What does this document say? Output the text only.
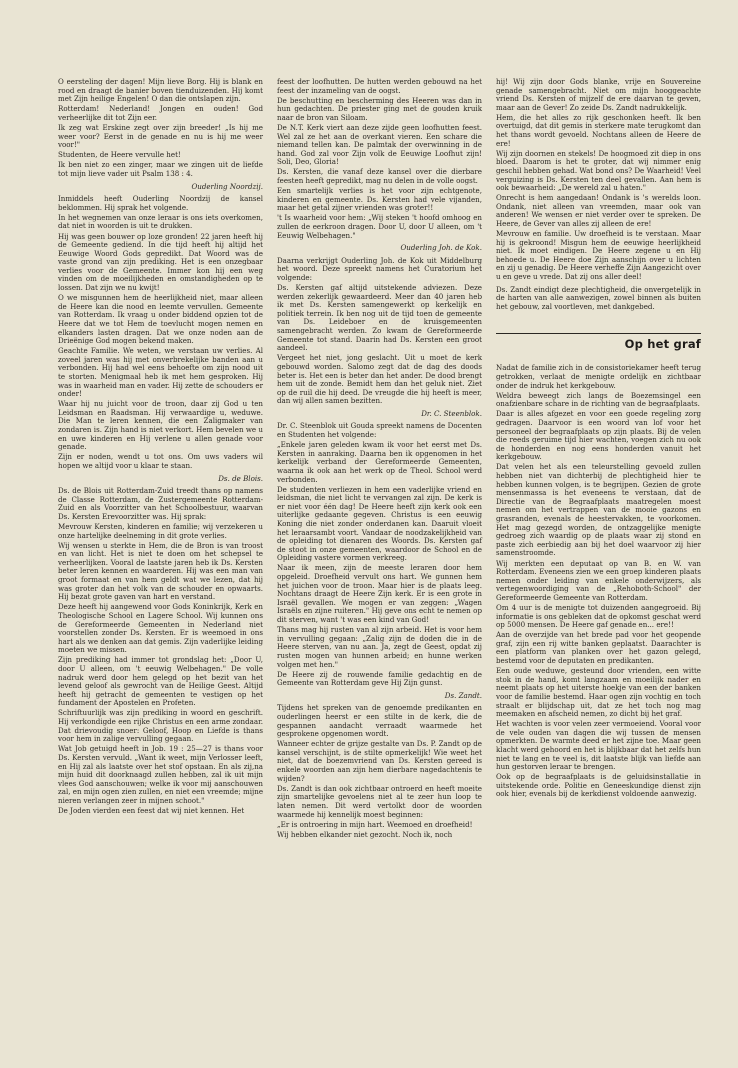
O eersteling der dagen! Mijn lieve Borg. Hij is blank en rood en draagt de banier boven tienduizenden. Hij komt met Zijn heilige Engelen! O dan die ontslapen zijn.

Rotterdam! Nederland! Jongen en ouden! God verheerlijke dit tot Zijn eer.

Ik zeg wat Erskine zegt over zijn breeder! „Is hij me weer voor? Eerst in de genade en nu is hij me weer voor!"

Studenten, de Heere vervulle het!

Ik ben niet zo een zinger, maar we zingen uit de liefde tot mijn lieve vader uit Psalm 138 : 4.

Ouderling Noordzij.

Inmiddels heeft Ouderling Noordzij de kansel beklommen. Hij sprak het volgende.

In het wegnemen van onze leraar is ons iets overkomen, dat niet in woorden is uit te drukken.

Hij was geen bouwer op loze gronden! 22 jaren heeft hij de Gemeente gediend. In die tijd heeft hij altijd het Eeuwige Woord Gods gepredikt. Dat Woord was de vaste grond van zijn prediking. Het is een onzegbaar verlies voor de Gemeente. Immer kon hij een weg vinden om de moeilijkheden en omstandigheden op te lossen. Dat zijn we nu kwijt!

O we misgunnen hem de heerlijkheid niet, maar alleen de Heere kan die nood en leemte vervullen. Gemeente van Rotterdam. Ik vraag u onder biddend opzien tot de Heere dat we tot Hem de toevlucht mogen nemen en elkanders lasten dragen. Dat we onze noden aan de Drieënige God mogen bekend maken.

Geachte Familie. We weten, we verstaan uw verlies. Al zoveel jaren was hij met onverbrekelijke banden aan u verbonden. Hij had wel eens behoefte om zijn nood uit te storten. Menigmaal heb ik met hem gesproken. Hij was in waarheid man en vader. Hij zette de schouders er onder!

Waar hij nu juicht voor de troon, daar zij God u ten Leidsman en Raadsman. Hij verwaardige u, weduwe. Die Man te leren kennen, die een Zaligmaker van zondaren is. Zijn hand is niet verkort. Hem bevelen we u en uwe kinderen en Hij verlene u allen genade voor genade.

Zijn er noden, wendt u tot ons. Om uws vaders wil hopen we altijd voor u klaar te staan.

Ds. de Blois.

Ds. de Blois uit Rotterdam-Zuid treedt thans op namens de Classe Rotterdam, de Zustergemeente Rotterdam-Zuid en als Voorzitter van het Schoolbestuur, waarvan Ds. Kersten Erevoorzitter was. Hij sprak:

Mevrouw Kersten, kinderen en familie; wij verzekeren u onze hartelijke deelneming in dit grote verlies.

Wij wensen u sterkte in Hem, die de Bron is van troost en van licht. Het is niet te doen om het schepsel te verheerlijken. Vooral de laatste jaren heb ik Ds. Kersten beter leren kennen en waarderen. Hij was een man van groot formaat en van hem geldt wat we lezen, dat hij was groter dan het volk van de schouder en opwaarts. Hij bezat grote gaven van hart en verstand.

Deze heeft hij aangewend voor Gods Koninkrijk, Kerk en Theologische School en Lagere School. Wij kunnen ons de Gereformeerde Gemeenten in Nederland niet voorstellen zonder Ds. Kersten. Er is weemoed in ons hart als we denken aan dat gemis. Zijn vaderlijke leiding moeten we missen.

Zijn prediking had immer tot grondslag het: „Door U, door U alleen, om 't eeuwig Welbehagen." De volle nadruk werd door hem gelegd op het bezit van het levend geloof als gewrocht van de Heilige Geest. Altijd heeft hij getracht de gemeenten te vestigen op het fundament der Apostelen en Profeten.

Schriftuurlijk was zijn prediking in woord en geschrift. Hij verkondigde een rijke Christus en een arme zondaar. Dat drievoudig snoer: Geloof, Hoop en Liefde is thans voor hem in zalige vervulling gegaan.

Wat Job getuigd heeft in Job. 19 : 25—27 is thans voor Ds. Kersten vervuld. „Want ik weet, mijn Verlosser leeft, en Hij zal als laatste over het stof opstaan. En als zij,na mijn huid dit doorknaagd zullen hebben, zal ik uit mijn vlees God aanschouwen; welke ik voor mij aanschouwen zal, en mijn ogen zien zullen, en niet een vreemde; mijne nieren verlangen zeer in mijnen schoot."

De Joden vierden een feest dat wij niet kennen. Het

feest der loofhutten. De hutten werden gebouwd na het feest der inzameling van de oogst.

De beschutting en bescherming des Heeren was dan in hun gedachten. De priester ging met de gouden kruik naar de bron van Siloam.

De N.T. Kerk viert aan deze zijde geen loofhutten feest. Wel zal ze het aan de overkant vieren. Een schare die niemand tellen kan. De palmtak der overwinning in de hand. God zal voor Zijn volk de Eeuwige Loofhut zijn! Soli, Deo, Gloria!

Ds. Kersten, die vanaf deze kansel over die dierbare feesten heeft gepredikt, mag nu delen in de volle oogst.

Een smartelijk verlies is het voor zijn echtgenote, kinderen en gemeente. Ds. Kersten had vele vijanden, maar het getal zijner vrienden was groter!!

't Is waarheid voor hem: „Wij steken 't hoofd omhoog en zullen de eerkroon dragen. Door U, door U alleen, om 't Eeuwig Welbehagen."

Ouderling Joh. de Kok.

Daarna verkrijgt Ouderling Joh. de Kok uit Middelburg het woord. Deze spreekt namens het Curatorium het volgende:

Ds. Kersten gaf altijd uitstekende adviezen. Deze werden zekerlijk gewaardeerd. Meer dan 40 jaren heb ik met Ds. Kersten samengewerkt op kerkelijk en politiek terrein. Ik ben nog uit de tijd toen de gemeente van Ds. Leideboer en de kruisgemeenten samengebracht werden. Zo kwam de Gereformeerde Gemeente tot stand. Daarin had Ds. Kersten een groot aandeel.

Vergeet het niet, jong geslacht. Uit u moet de kerk gebouwd worden. Salomo zegt dat de dag des doods beter is. Het een is beter dan het ander. De dood brengt hem uit de zonde. Bemidt hem dan het geluk niet. Ziet op de ruil die hij deed. De vreugde die hij heeft is meer, dan wij allen samen bezitten.

Dr. C. Steenblok.

Dr. C. Steenblok uit Gouda spreekt namens de Docenten en Studenten het volgende:

„Enkele jaren geleden kwam ik voor het eerst met Ds. Kersten in aanraking. Daarna ben ik opgenomen in het kerkelijk verband der Gereformeerde Gemeenten, waarna ik ook aan het werk op de Theol. School werd verbonden.

De studenten verliezen in hem een vaderlijke vriend en leidsman, die niet licht te vervangen zal zijn. De kerk is er niet voor één dag! De Heere heeft zijn kerk ook een uiterlijke gedaante gegeven. Christus is een eeuwig Koning die niet zonder onderdanen kan. Daaruit vloeit het leraarsambt voort. Vandaar de noodzakelijkheid van de opleiding tot dienaren des Woords. Ds. Kersten gaf de stoot in onze gemeenten, waardoor de School en de Opleiding vastere vormen verkreeg.

Naar ik meen, zijn de meeste leraren door hem opgeleid. Droefheid vervult ons hart. We gunnen hem het juichen voor de troon. Maar hier is de plaats leeg. Nochtans draagt de Heere Zijn kerk. Er is een grote in Israël gevallen. We mogen er van zeggen: „Wagen Israëls en zijne ruiteren." Hij geve ons echt te nemen op dit sterven, want 't was een kind van God!

Thans mag hij rusten van al zijn arbeid. Het is voor hem in vervulling gegaan: „Zalig zijn de doden die in de Heere sterven, van nu aan. Ja, zegt de Geest, opdat zij rusten mogen van hunnen arbeid; en hunne werken volgen met hen."

De Heere zij de rouwende familie gedachtig en de Gemeente van Rotterdam geve Hij Zijn gunst.

Ds. Zandt.

Tijdens het spreken van de genoemde predikanten en ouderlingen heerst er een stilte in de kerk, die de gespannen aandacht verraadt waarmede het gesprokene opgenomen wordt.

Wanneer echter de grijze gestalte van Ds. P. Zandt op de kansel verschijnt, is de stilte opmerkelijk! Wie weet het niet, dat de boezemvriend van Ds. Kersten gereed is enkele woorden aan zijn hem dierbare nagedachtenis te wijden?

Ds. Zandt is dan ook zichtbaar ontroerd en heeft moeite zijn smartelijke gevoelens niet al te zeer hun loop te laten nemen. Dit werd vertolkt door de woorden waarmede hij kennelijk moest beginnen:

„Er is ontroering in mijn hart. Weemoed en droefheid!

Wij hebben elkander niet gezocht. Noch ik, noch

hij! Wij zijn door Gods blanke, vrije en Souvereine genade samengebracht. Niet om mijn hooggeachte vriend Ds. Kersten of mijzelf de ere daarvan te geven, maar aan de Gever! Zo zeide Ds. Zandt nadrukkelijk.

Hem, die het alles zo rijk geschonken heeft. Ik ben overtuigd, dat dit gemis in sterkere mate terugkomt dan het thans wordt gevoeld. Nochtans alleen de Heere de ere!

Wij zijn doornen en stekels! De hoogmoed zit diep in ons bloed. Daarom is het te groter, dat wij nimmer enig geschil hebben gehad. Wat bond ons? De Waarheid! Veel verguizing is Ds. Kersten ten deel gevallen. Aan hem is ook bewaarheid: „De wereld zal u haten."

Onrecht is hem aangedaan! Ondank is 's werelds loon. Ondank, niet alleen van vreemden, maar ook van anderen! We wensen er niet verder over te spreken. De Heere, de Gever van alles zij alleen de ere!

Mevrouw en familie. Uw droefheid is te verstaan. Maar hij is gekroond! Misgun hem de eeuwige heerlijkheid niet. Ik moet eindigen. De Heere zegene u en Hij behoede u. De Heere doe Zijn aanschijn over u lichten en zij u genadig. De Heere verheffe Zijn Aangezicht over u en geve u vrede. Dat zij ons aller deel!

Ds. Zandt eindigt deze plechtigheid, die onvergetelijk in de harten van alle aanwezigen, zowel binnen als buiten het gebouw, zal voortleven, met dankgebed.

Op het graf

Nadat de familie zich in de consistoriekamer heeft terug getrokken, verlaat de menigte ordelijk en zichtbaar onder de indruk het kerkgebouw.

Weldra beweegt zich langs de Boezemsingel een onafzienbare schare in de richting van de begraafplaats.

Daar is alles afgezet en voor een goede regeling zorg gedragen. Daarvoor is een woord van lof voor het personeel der begraafplaats op zijn plaats. Bij de velen die reeds geruime tijd hier wachten, voegen zich nu ook de honderden en nog eens honderden vanuit het kerkgebouw.

Dat velen het als een teleurstelling gevoeld zullen hebben niet van dichterbij de plechtigheid hier te hebben kunnen volgen, is te begrijpen. Gezien de grote mensenmassa is het eveneens te verstaan, dat de Directie van de Begraafplaats maatregelen moest nemen om het vertrappen van de mooie gazons en grasranden, evenals de heestervakken, te voorkomen. Het mag gezegd worden, de ontzaggelijke menigte gedroeg zich waardig op de plaats waar zij stond en paste zich eerbiedig aan bij het doel waarvoor zij hier samenstroomde.

Wij merkten een deputaat op van B. en W. van Rotterdam. Eveneens zien we een groep kinderen plaats nemen onder leiding van enkele onderwijzers, als vertegenwoordiging van de „Rehoboth-School" der Gereformeerde Gemeente van Rotterdam.

Om 4 uur is de menigte tot duizenden aangegroeid. Bij informatie is ons gebleken dat de opkomst geschat werd op 5000 mensen. De Heere gaf genade en... ere!!

Aan de overzijde van het brede pad voor het geopende graf, zijn een rij witte banken geplaatst. Daarachter is een platform van planken over het gazon gelegd, bestemd voor de deputaten en predikanten.

Een oude weduwe, gesteund door vrienden, een witte stok in de hand, komt langzaam en moeilijk nader en neemt plaats op het uiterste hoekje van een der banken voor de familie bestemd. Haar ogen zijn vochtig en toch straalt er blijdschap uit, dat ze het toch nog mag meemaken en afscheid nemen, zo dicht bij het graf.

Het wachten is voor velen zeer vermoeiend. Vooral voor de vele ouden van dagen die wij tussen de mensen opmerkten. De warmte deed er het zijne toe. Maar geen klacht werd gehoord en het is blijkbaar dat het zelfs hun niet te lang en te veel is, dit laatste blijk van liefde aan hun gestorven leraar te brengen.

Ook op de begraafplaats is de geluidsinstallatie in uitstekende orde. Politie en Geneeskundige dienst zijn ook hier, evenals bij de kerkdienst voldoende aanwezig.
